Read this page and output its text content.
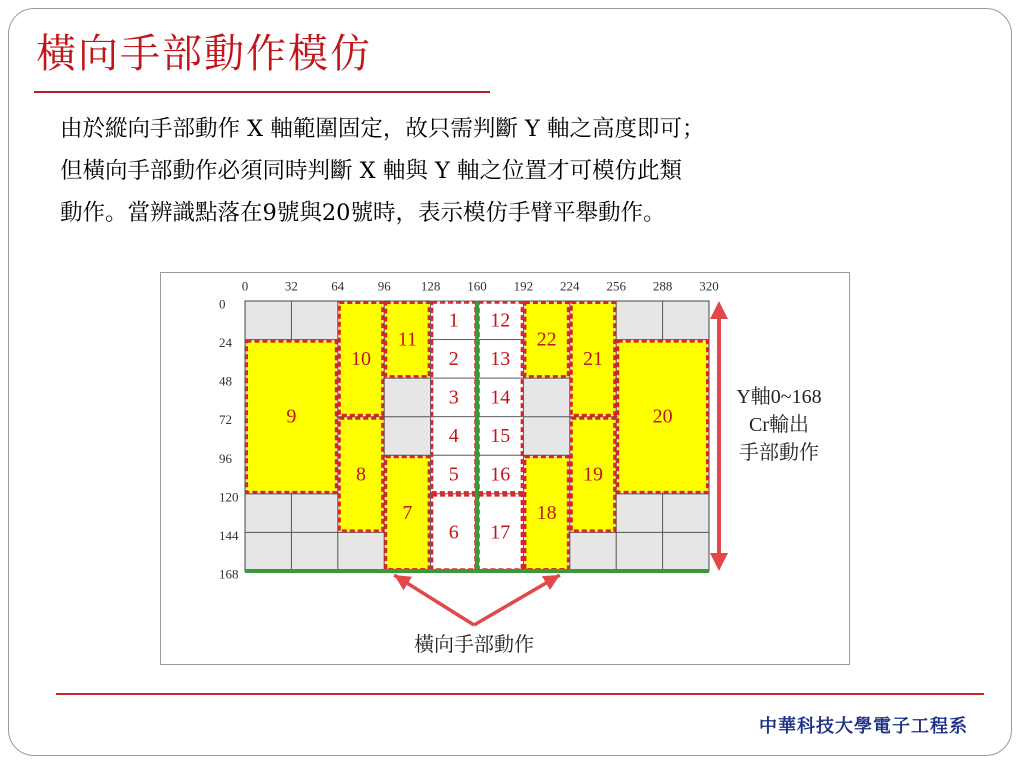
橫向手部動作模仿

由於縱向手部動作 X 軸範圍固定，故只需判斷 Y 軸之高度即可；

但橫向手部動作必須同時判斷 X 軸與 Y 軸之位置才可模仿此類

動作。當辨識點落在9號與20號時，表示模仿手臂平舉動作。

9
10
11
8
7
1
2
3
4
5
6
12
13
14
15
16
17
22
21
20
19
18
0	32	64	96 128 160 192 224 256 288 320
0
24
48
72
96
120
144
168
Y軸0~168
Cr輸出
手部動作
橫向手部動作
中華科技大學電子工程系
